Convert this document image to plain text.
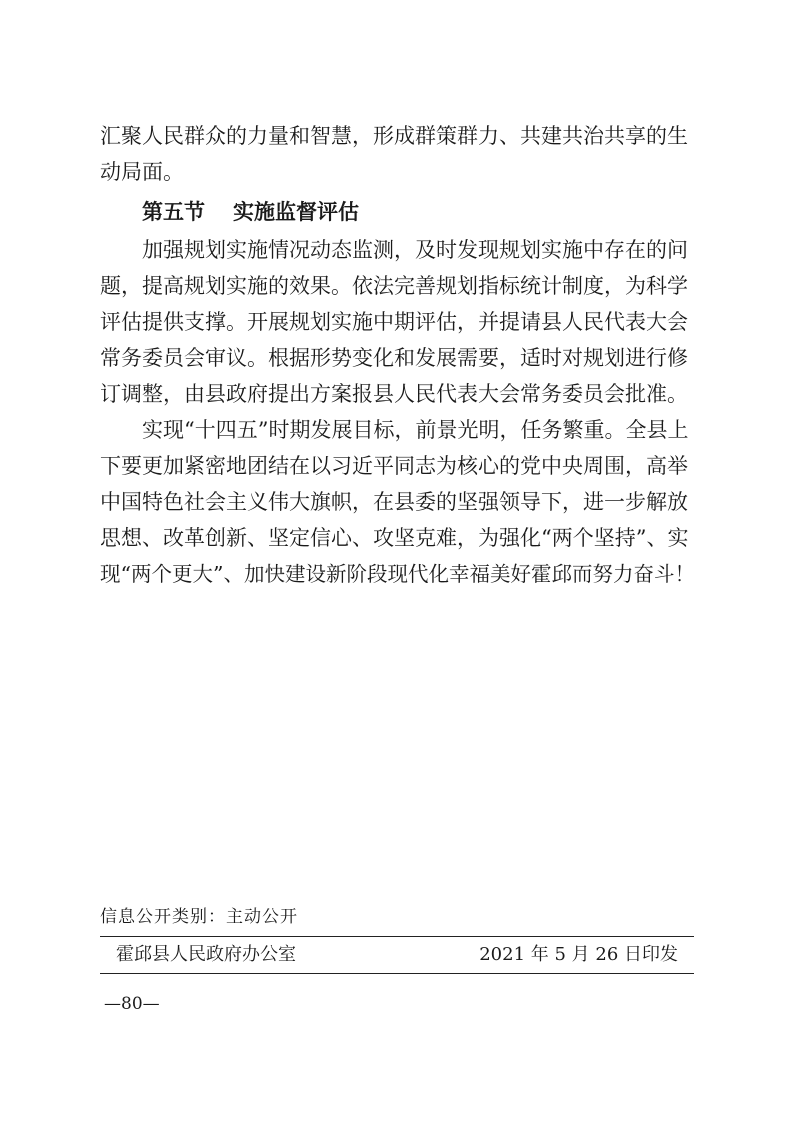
汇聚人民群众的力量和智慧，形成群策群力、共建共治共享的生
动局面。
第五节 实施监督评估
加强规划实施情况动态监测，及时发现规划实施中存在的问
题，提高规划实施的效果。依法完善规划指标统计制度，为科学
评估提供支撑。开展规划实施中期评估，并提请县人民代表大会
常务委员会审议。根据形势变化和发展需要，适时对规划进行修
订调整，由县政府提出方案报县人民代表大会常务委员会批准。
实现“十四五”时期发展目标，前景光明，任务繁重。全县上
下要更加紧密地团结在以习近平同志为核心的党中央周围，高举
中国特色社会主义伟大旗帜，在县委的坚强领导下，进一步解放
思想、改革创新、坚定信心、攻坚克难，为强化“两个坚持”、实
现“两个更大”、加快建设新阶段现代化幸福美好霍邱而努力奋斗！
信息公开类别：主动公开
霍邱县人民政府办公室	2021 年 5 月 26 日印发
—80—
